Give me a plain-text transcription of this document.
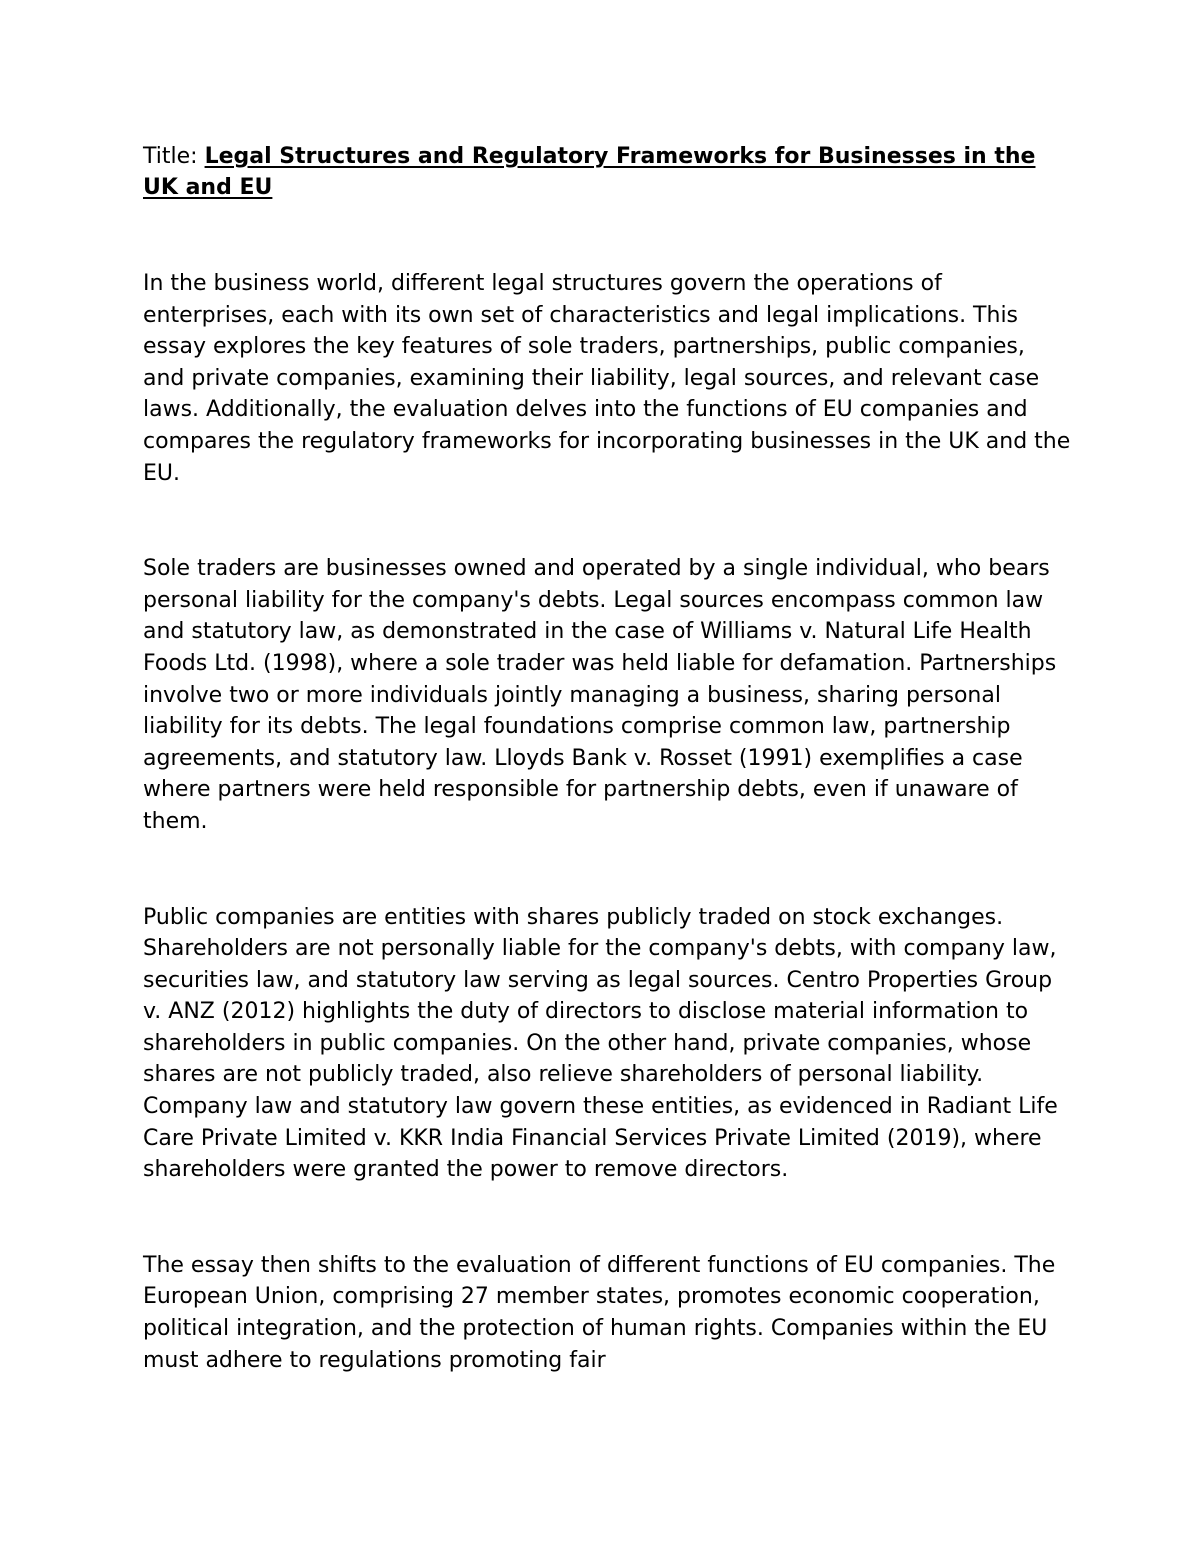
Title: Legal Structures and Regulatory Frameworks for Businesses in the UK and EU

In the business world, different legal structures govern the operations of enterprises, each with its own set of characteristics and legal implications. This essay explores the key features of sole traders, partnerships, public companies, and private companies, examining their liability, legal sources, and relevant case laws. Additionally, the evaluation delves into the functions of EU companies and compares the regulatory frameworks for incorporating businesses in the UK and the EU.

Sole traders are businesses owned and operated by a single individual, who bears personal liability for the company's debts. Legal sources encompass common law and statutory law, as demonstrated in the case of Williams v. Natural Life Health Foods Ltd. (1998), where a sole trader was held liable for defamation. Partnerships involve two or more individuals jointly managing a business, sharing personal liability for its debts. The legal foundations comprise common law, partnership agreements, and statutory law. Lloyds Bank v. Rosset (1991) exemplifies a case where partners were held responsible for partnership debts, even if unaware of them.

Public companies are entities with shares publicly traded on stock exchanges. Shareholders are not personally liable for the company's debts, with company law, securities law, and statutory law serving as legal sources. Centro Properties Group v. ANZ (2012) highlights the duty of directors to disclose material information to shareholders in public companies. On the other hand, private companies, whose shares are not publicly traded, also relieve shareholders of personal liability. Company law and statutory law govern these entities, as evidenced in Radiant Life Care Private Limited v. KKR India Financial Services Private Limited (2019), where shareholders were granted the power to remove directors.

The essay then shifts to the evaluation of different functions of EU companies. The European Union, comprising 27 member states, promotes economic cooperation, political integration, and the protection of human rights. Companies within the EU must adhere to regulations promoting fair
